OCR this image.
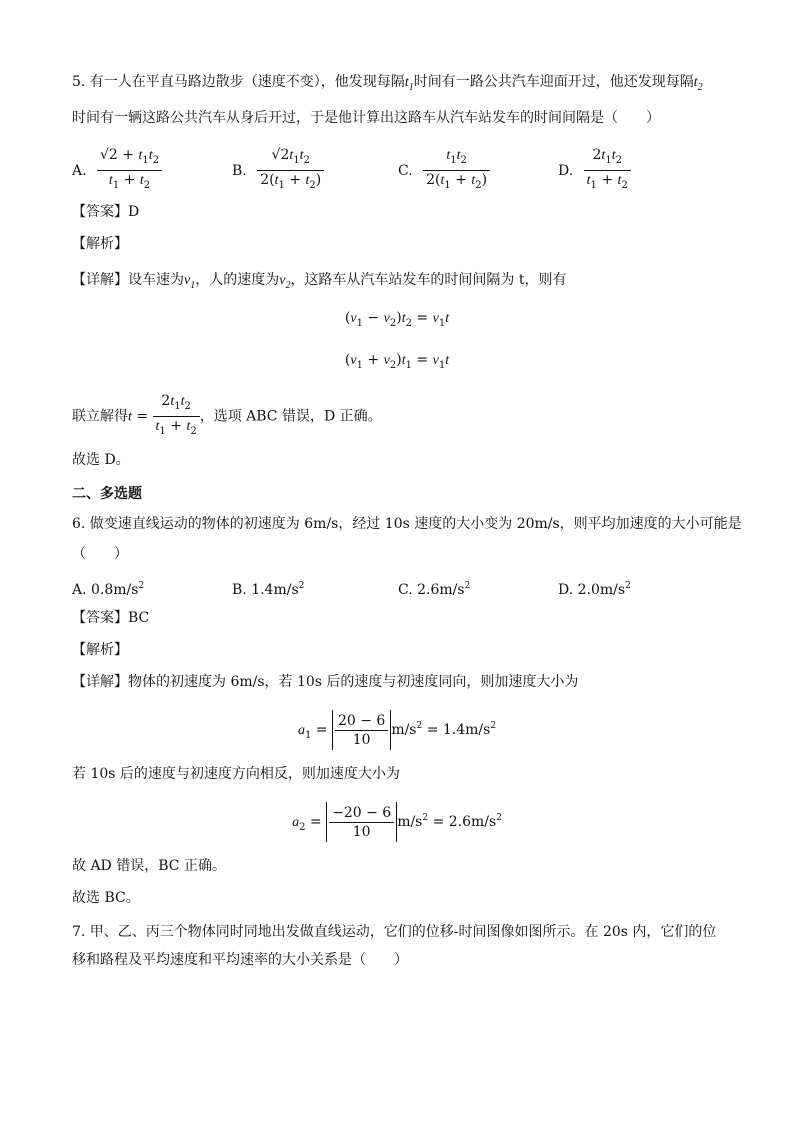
5. 有一人在平直马路边散步（速度不变），他发现每隔$t_1$时间有一路公共汽车迎面开过，他还发现每隔$t_2$
时间有一辆这路公共汽车从身后开过，于是他计算出这路车从汽车站发车的时间间隔是（　　）
A. $\frac{√2 + t_1t_2}{t_1 + t_2}$	B. $\frac{√2t_1t_2}{2(t_1 + t_2)}$	C. $\frac{t_1t_2}{2(t_1 + t_2)}$	D. $\frac{2t_1t_2}{t_1 + t_2}$
【答案】D
【解析】
【详解】设车速为$v_1$，人的速度为$v_2$，这路车从汽车站发车的时间间隔为 t，则有
$(v_1 - v_2)t_2 = v_1t$
$(v_1 + v_2)t_1 = v_1t$
联立解得$t = \frac{2t_1t_2}{t_1 + t_2}$ ，选项 ABC 错误，D 正确。
故选 D。
二、多选题
6. 做变速直线运动的物体的初速度为 6m/s，经过 10s 速度的大小变为 20m/s，则平均加速度的大小可能是
（　　）
A. $0.8m/s^2$	B. $1.4m/s^2$	C. $2.6m/s^2$	D. $2.0m/s^2$
【答案】BC
【解析】
【详解】物体的初速度为 6m/s，若 10s 后的速度与初速度同向，则加速度大小为
$a_1 = \frac{20 - 6}{10} m/s^2 = 1.4m/s^2$
若 10s 后的速度与初速度方向相反，则加速度大小为
$a_2 = \frac{-20 - 6}{10} m/s^2 = 2.6m/s^2$
故 AD 错误，BC 正确。
故选 BC。
7. 甲、乙、丙三个物体同时同地出发做直线运动，它们的位移-时间图像如图所示。在 20s 内，它们的位
移和路程及平均速度和平均速率的大小关系是（　　）
